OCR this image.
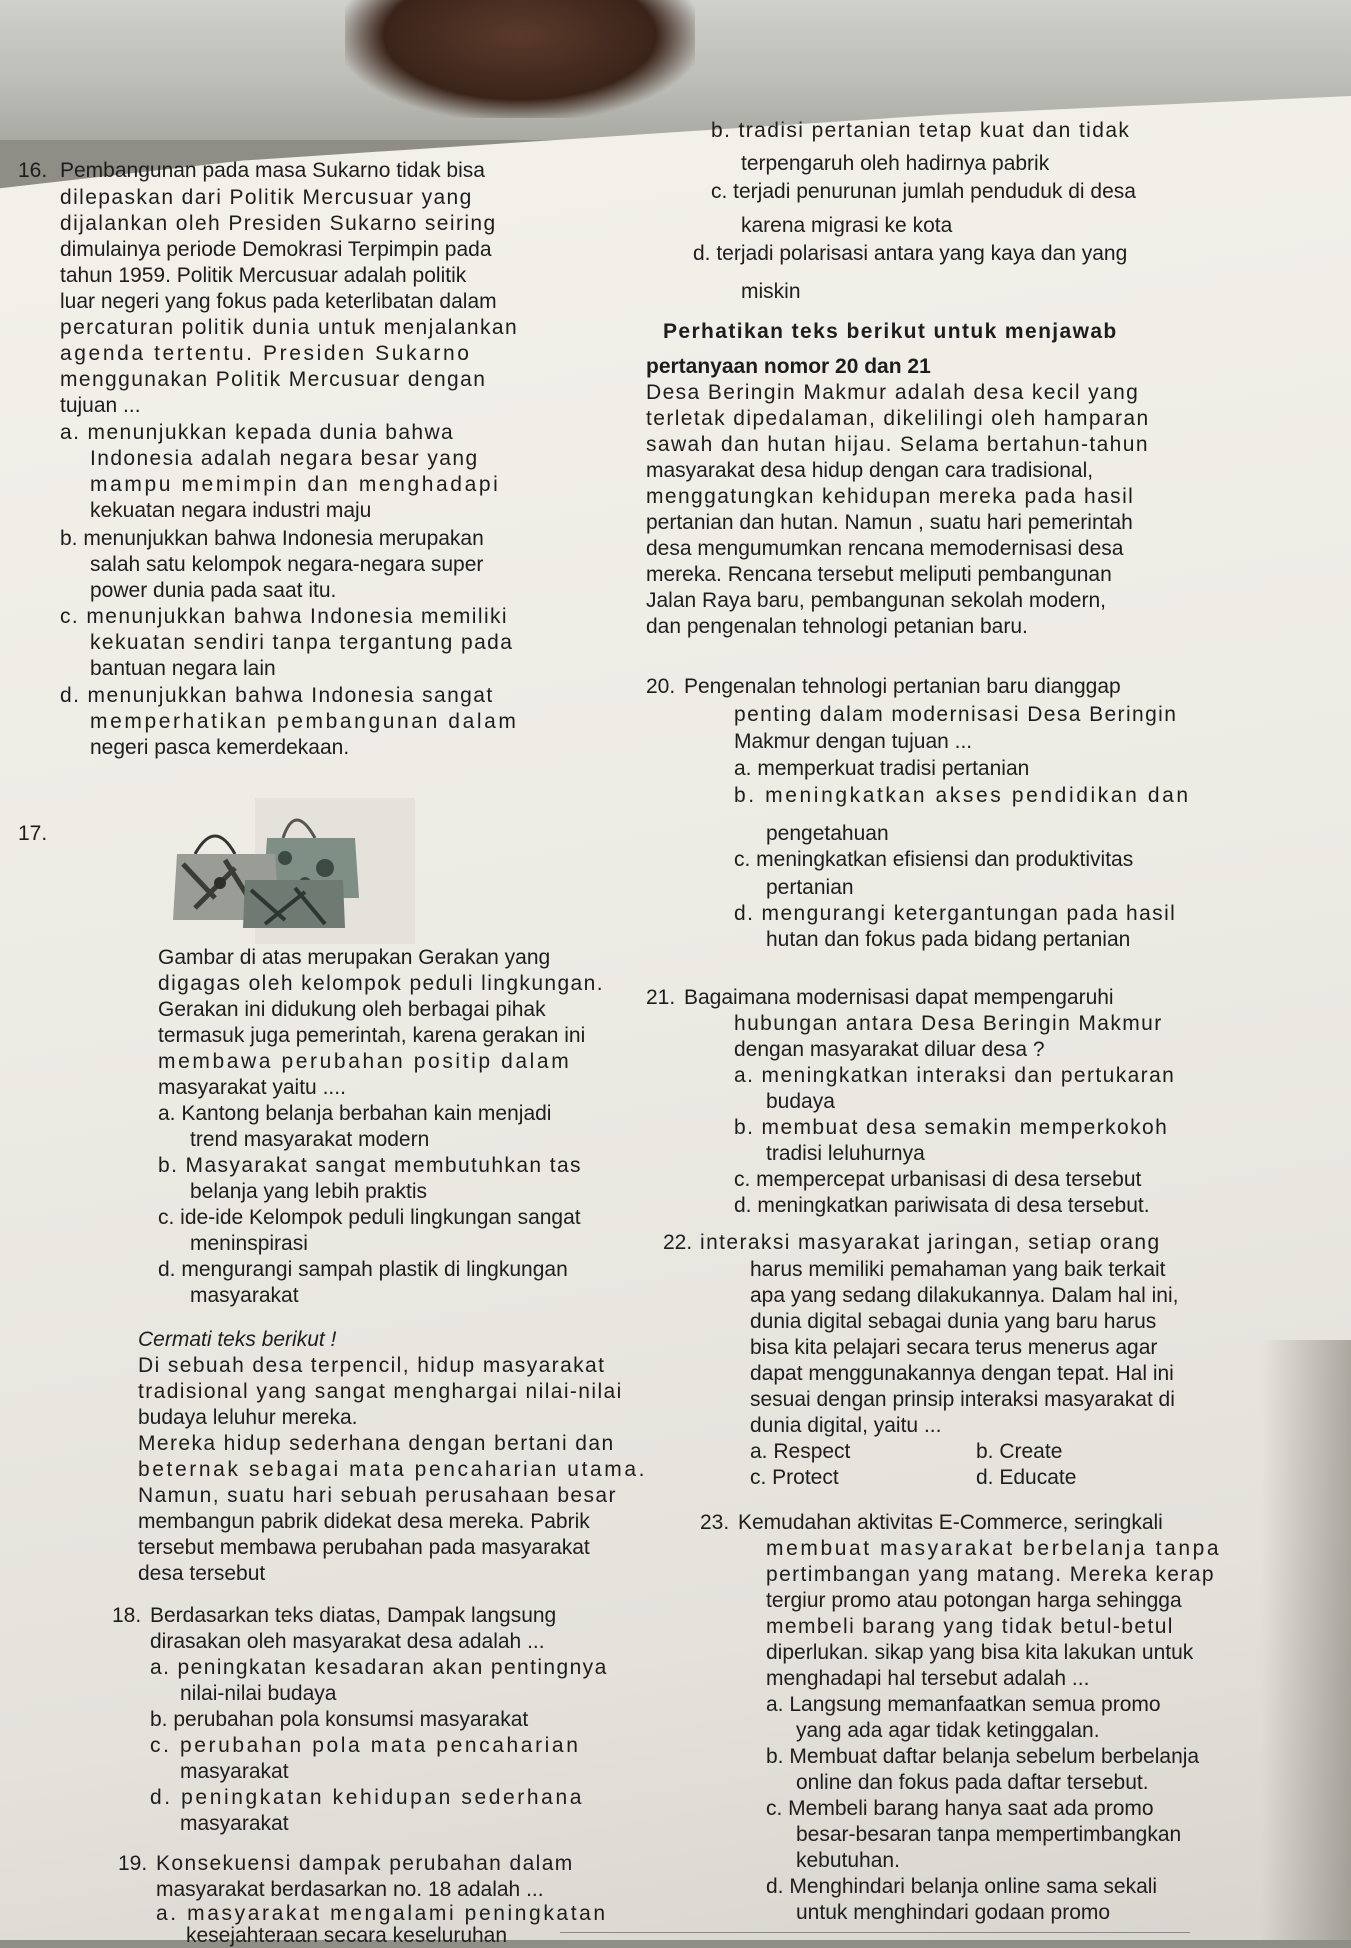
16. Pembangunan pada masa Sukarno tidak bisa
dilepaskan dari Politik Mercusuar yang
dijalankan oleh Presiden Sukarno seiring
dimulainya periode Demokrasi Terpimpin pada
tahun 1959. Politik Mercusuar adalah politik
luar negeri yang fokus pada keterlibatan dalam
percaturan politik dunia untuk menjalankan
agenda tertentu. Presiden Sukarno
menggunakan Politik Mercusuar dengan
tujuan ...
a. menunjukkan kepada dunia bahwa
Indonesia adalah negara besar yang
mampu memimpin dan menghadapi
kekuatan negara industri maju
b. menunjukkan bahwa Indonesia merupakan
salah satu kelompok negara-negara super
power dunia pada saat itu.
c. menunjukkan bahwa Indonesia memiliki
kekuatan sendiri tanpa tergantung pada
bantuan negara lain
d. menunjukkan bahwa Indonesia sangat
memperhatikan pembangunan dalam
negeri pasca kemerdekaan.
17.
Gambar di atas merupakan Gerakan yang
digagas oleh kelompok peduli lingkungan.
Gerakan ini didukung oleh berbagai pihak
termasuk juga pemerintah, karena gerakan ini
membawa perubahan positip dalam
masyarakat yaitu ....
a. Kantong belanja berbahan kain menjadi
trend masyarakat modern
b. Masyarakat sangat membutuhkan tas
belanja yang lebih praktis
c. ide-ide Kelompok peduli lingkungan sangat
meninspirasi
d. mengurangi sampah plastik di lingkungan
masyarakat
Cermati teks berikut !
Di sebuah desa terpencil, hidup masyarakat
tradisional yang sangat menghargai nilai-nilai
budaya leluhur mereka.
Mereka hidup sederhana dengan bertani dan
beternak sebagai mata pencaharian utama.
Namun, suatu hari sebuah perusahaan besar
membangun pabrik didekat desa mereka. Pabrik
tersebut membawa perubahan pada masyarakat
desa tersebut
18. Berdasarkan teks diatas, Dampak langsung
dirasakan oleh masyarakat desa adalah ...
a. peningkatan kesadaran akan pentingnya
nilai-nilai budaya
b. perubahan pola konsumsi masyarakat
c. perubahan pola mata pencaharian
masyarakat
d. peningkatan kehidupan sederhana
masyarakat
19. Konsekuensi dampak perubahan dalam
masyarakat berdasarkan no. 18 adalah ...
a. masyarakat mengalami peningkatan
kesejahteraan secara keseluruhan
b. tradisi pertanian tetap kuat dan tidak
terpengaruh oleh hadirnya pabrik
c. terjadi penurunan jumlah penduduk di desa
karena migrasi ke kota
d. terjadi polarisasi antara yang kaya dan yang
miskin
Perhatikan teks berikut untuk menjawab
pertanyaan nomor 20 dan 21
Desa Beringin Makmur adalah desa kecil yang
terletak dipedalaman, dikelilingi oleh hamparan
sawah dan hutan hijau. Selama bertahun-tahun
masyarakat desa hidup dengan cara tradisional,
menggatungkan kehidupan mereka pada hasil
pertanian dan hutan. Namun , suatu hari pemerintah
desa mengumumkan rencana memodernisasi desa
mereka. Rencana tersebut meliputi pembangunan
Jalan Raya baru, pembangunan sekolah modern,
dan pengenalan tehnologi petanian baru.
20. Pengenalan tehnologi pertanian baru dianggap
penting dalam modernisasi Desa Beringin
Makmur dengan tujuan ...
a. memperkuat tradisi pertanian
b. meningkatkan akses pendidikan dan
pengetahuan
c. meningkatkan efisiensi dan produktivitas
pertanian
d. mengurangi ketergantungan pada hasil
hutan dan fokus pada bidang pertanian
21. Bagaimana modernisasi dapat mempengaruhi
hubungan antara Desa Beringin Makmur
dengan masyarakat diluar desa ?
a. meningkatkan interaksi dan pertukaran
budaya
b. membuat desa semakin memperkokoh
tradisi leluhurnya
c. mempercepat urbanisasi di desa tersebut
d. meningkatkan pariwisata di desa tersebut.
22. interaksi masyarakat jaringan, setiap orang
harus memiliki pemahaman yang baik terkait
apa yang sedang dilakukannya. Dalam hal ini,
dunia digital sebagai dunia yang baru harus
bisa kita pelajari secara terus menerus agar
dapat menggunakannya dengan tepat. Hal ini
sesuai dengan prinsip interaksi masyarakat di
dunia digital, yaitu ...
a. Respect	b. Create
c. Protect	d. Educate
23. Kemudahan aktivitas E-Commerce, seringkali
membuat masyarakat berbelanja tanpa
pertimbangan yang matang. Mereka kerap
tergiur promo atau potongan harga sehingga
membeli barang yang tidak betul-betul
diperlukan. sikap yang bisa kita lakukan untuk
menghadapi hal tersebut adalah ...
a. Langsung memanfaatkan semua promo
yang ada agar tidak ketinggalan.
b. Membuat daftar belanja sebelum berbelanja
online dan fokus pada daftar tersebut.
c. Membeli barang hanya saat ada promo
besar-besaran tanpa mempertimbangkan
kebutuhan.
d. Menghindari belanja online sama sekali
untuk menghindari godaan promo
